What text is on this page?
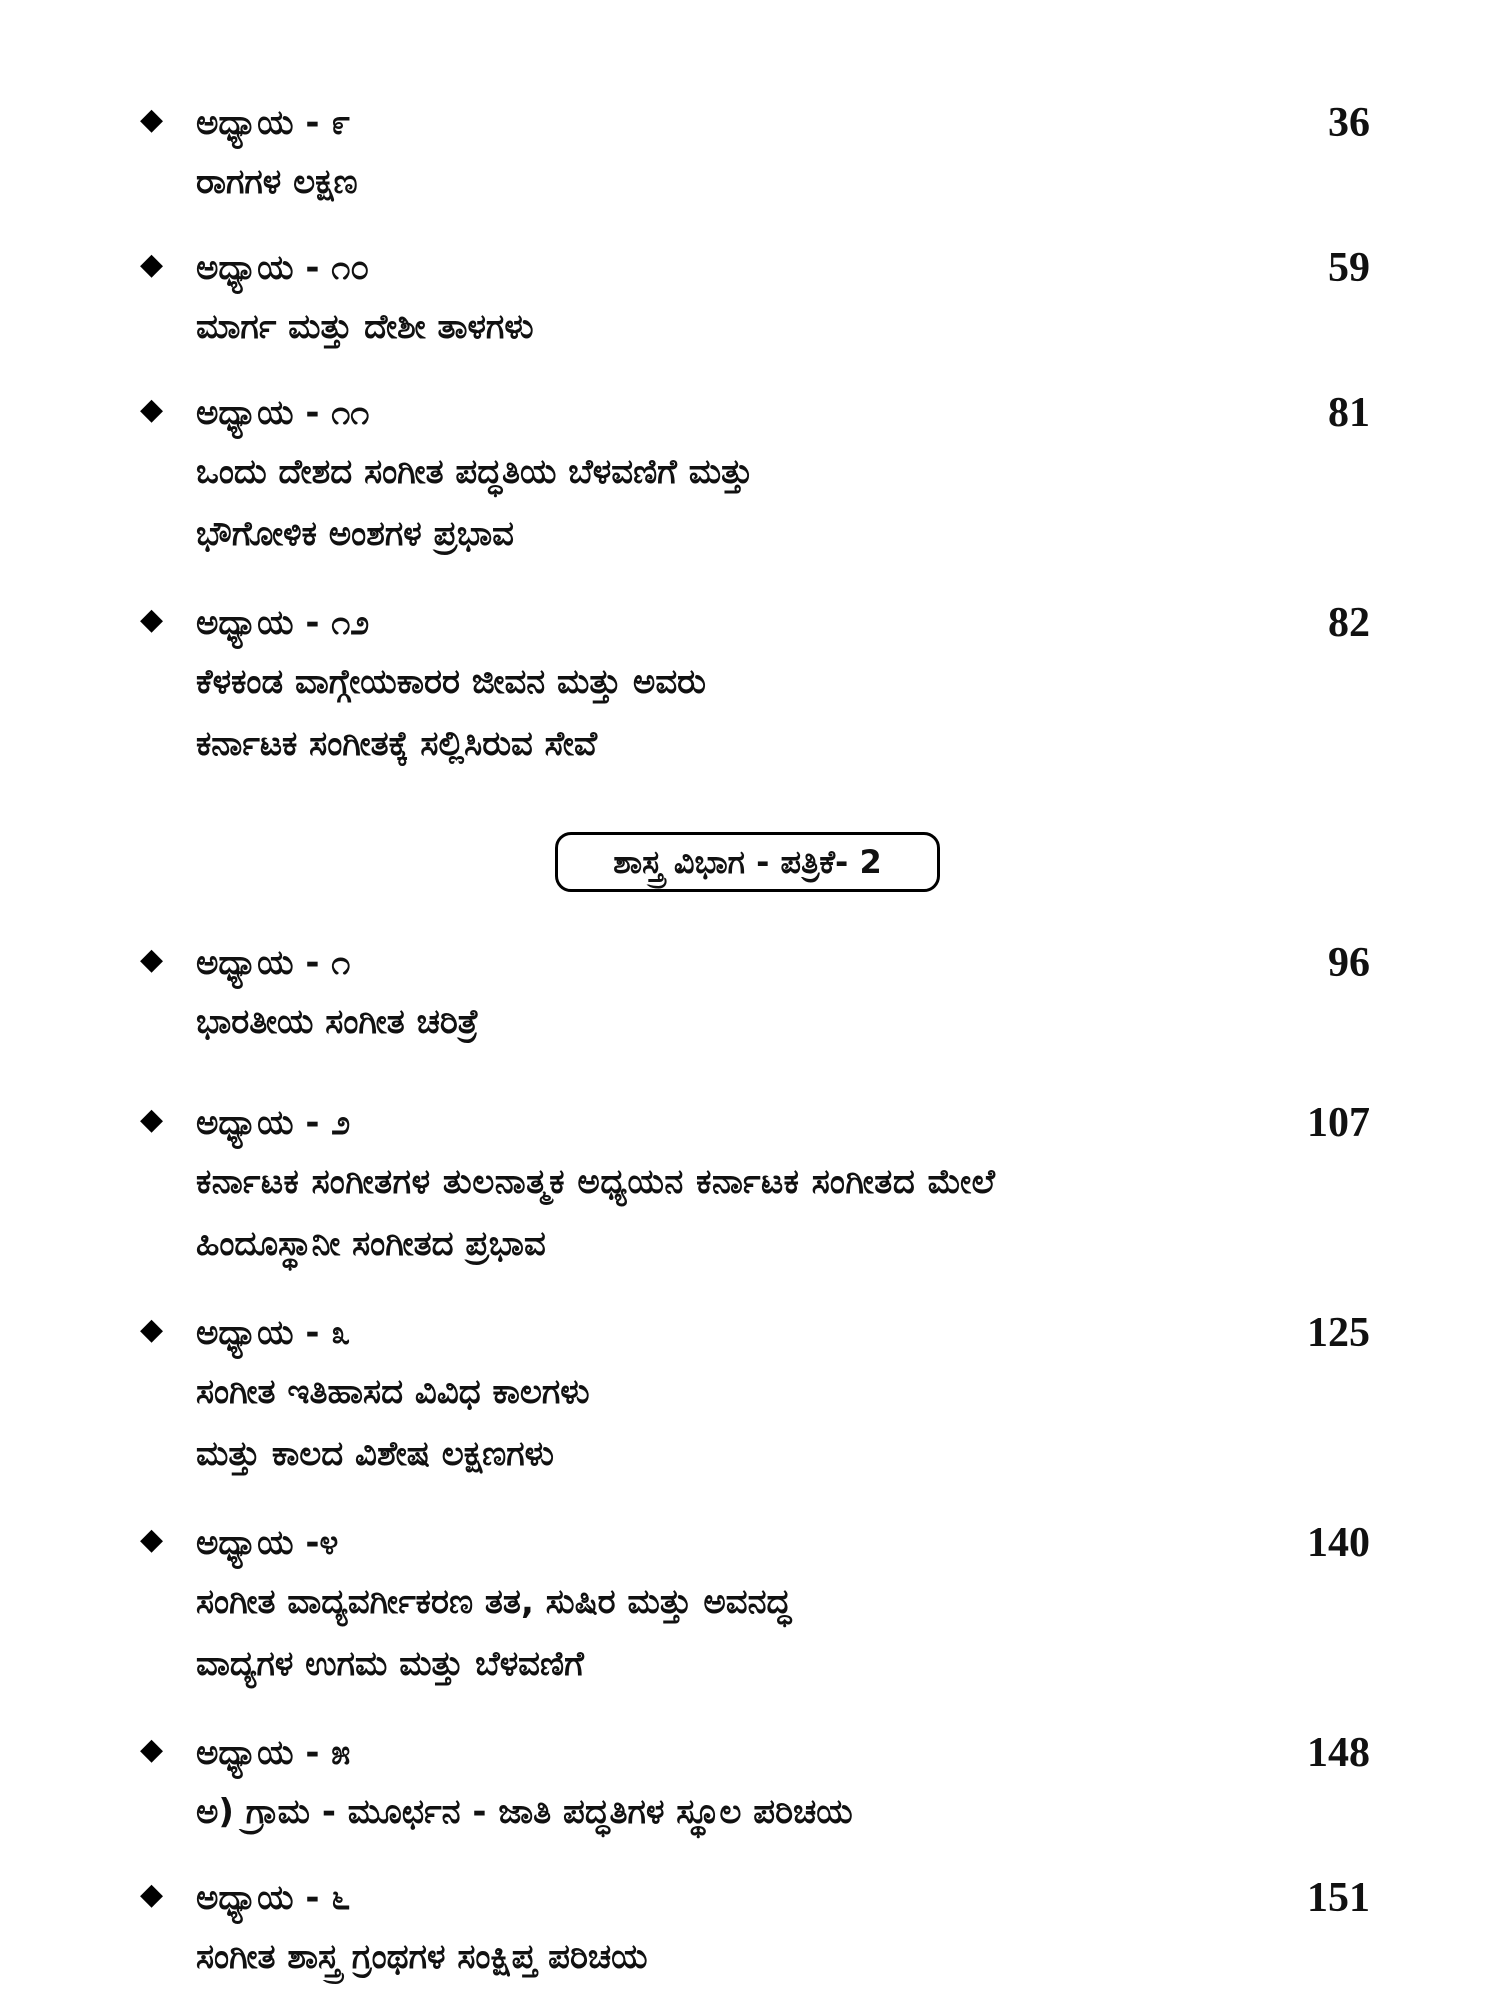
◆ ಅಧ್ಯಾಯ - ೯	36
ರಾಗಗಳ ಲಕ್ಷಣ
◆ ಅಧ್ಯಾಯ - ೧೦	59
ಮಾರ್ಗ ಮತ್ತು ದೇಶೀ ತಾಳಗಳು
◆ ಅಧ್ಯಾಯ - ೧೧	81
ಒಂದು ದೇಶದ ಸಂಗೀತ ಪದ್ಧತಿಯ ಬೆಳವಣಿಗೆ ಮತ್ತು
ಭೌಗೋಳಿಕ ಅಂಶಗಳ ಪ್ರಭಾವ
◆ ಅಧ್ಯಾಯ - ೧೨	82
ಕೆಳಕಂಡ ವಾಗ್ಗೇಯಕಾರರ ಜೀವನ ಮತ್ತು ಅವರು
ಕರ್ನಾಟಕ ಸಂಗೀತಕ್ಕೆ ಸಲ್ಲಿಸಿರುವ ಸೇವೆ
ಶಾಸ್ತ್ರ ವಿಭಾಗ - ಪತ್ರಿಕೆ- 2
◆ ಅಧ್ಯಾಯ - ೧	96
ಭಾರತೀಯ ಸಂಗೀತ ಚರಿತ್ರೆ
◆ ಅಧ್ಯಾಯ - ೨	107
ಕರ್ನಾಟಕ ಸಂಗೀತಗಳ ತುಲನಾತ್ಮಕ ಅಧ್ಯಯನ ಕರ್ನಾಟಕ ಸಂಗೀತದ ಮೇಲೆ
ಹಿಂದೂಸ್ಥಾನೀ ಸಂಗೀತದ ಪ್ರಭಾವ
◆ ಅಧ್ಯಾಯ - ೩	125
ಸಂಗೀತ ಇತಿಹಾಸದ ವಿವಿಧ ಕಾಲಗಳು
ಮತ್ತು ಕಾಲದ ವಿಶೇಷ ಲಕ್ಷಣಗಳು
◆ ಅಧ್ಯಾಯ -೪	140
ಸಂಗೀತ ವಾದ್ಯವರ್ಗೀಕರಣ ತತ, ಸುಷಿರ ಮತ್ತು ಅವನದ್ಧ
ವಾದ್ಯಗಳ ಉಗಮ ಮತ್ತು ಬೆಳವಣಿಗೆ
◆ ಅಧ್ಯಾಯ - ೫	148
ಅ) ಗ್ರಾಮ - ಮೂರ್ಛನ - ಜಾತಿ ಪದ್ಧತಿಗಳ ಸ್ಥೂಲ ಪರಿಚಯ
◆ ಅಧ್ಯಾಯ - ೬	151
ಸಂಗೀತ ಶಾಸ್ತ್ರ ಗ್ರಂಥಗಳ ಸಂಕ್ಷಿಪ್ತ ಪರಿಚಯ
